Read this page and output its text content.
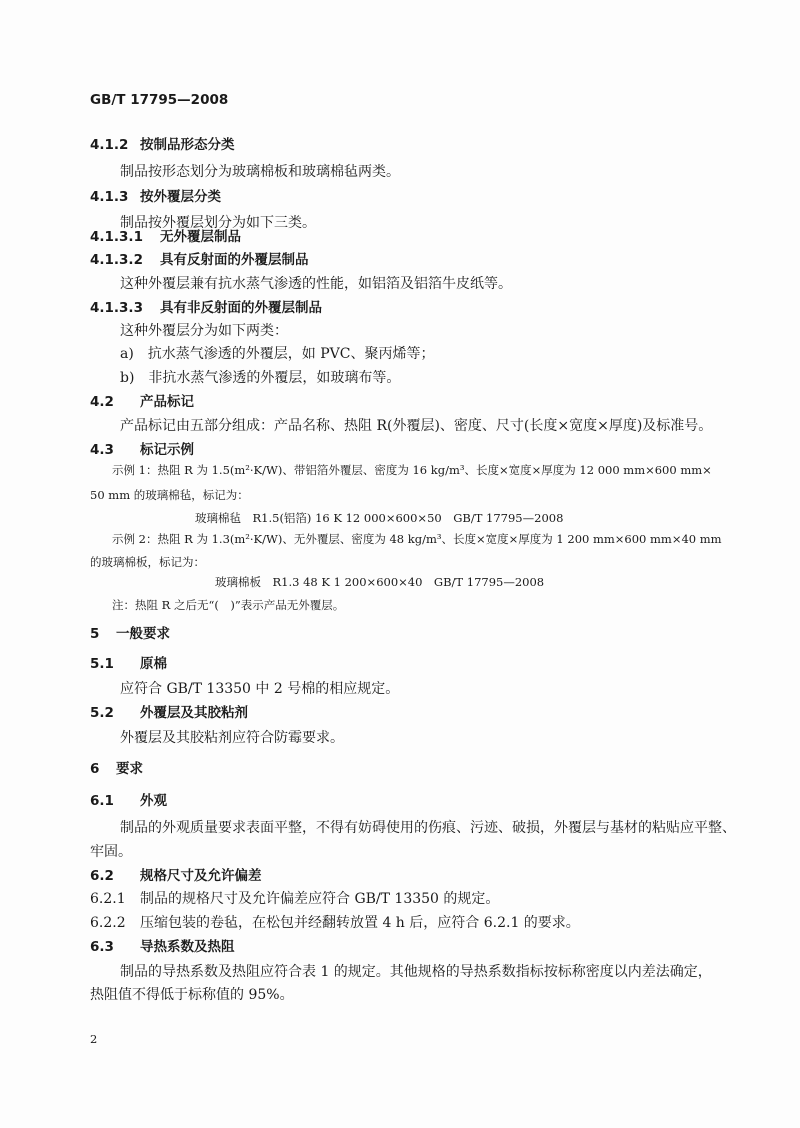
GB/T 17795—2008
4.1.2 按制品形态分类
制品按形态划分为玻璃棉板和玻璃棉毡两类。
4.1.3 按外覆层分类
制品按外覆层划分为如下三类。
4.1.3.1 无外覆层制品
4.1.3.2 具有反射面的外覆层制品
这种外覆层兼有抗水蒸气渗透的性能，如铝箔及铝箔牛皮纸等。
4.1.3.3 具有非反射面的外覆层制品
这种外覆层分为如下两类：
a)　抗水蒸气渗透的外覆层，如 PVC、聚丙烯等；
b)　非抗水蒸气渗透的外覆层，如玻璃布等。
4.2 产品标记
产品标记由五部分组成：产品名称、热阻 R(外覆层)、密度、尺寸(长度×宽度×厚度)及标准号。
4.3 标记示例
示例 1：热阻 R 为 1.5(m²·K/W)、带铝箔外覆层、密度为 16 kg/m³、长度×宽度×厚度为 12 000 mm×600 mm×
50 mm 的玻璃棉毡，标记为：
玻璃棉毡　R1.5(铝箔) 16 K 12 000×600×50　GB/T 17795—2008
示例 2：热阻 R 为 1.3(m²·K/W)、无外覆层、密度为 48 kg/m³、长度×宽度×厚度为 1 200 mm×600 mm×40 mm
的玻璃棉板，标记为：
玻璃棉板　R1.3 48 K 1 200×600×40　GB/T 17795—2008
注：热阻 R 之后无“(　)”表示产品无外覆层。
5 一般要求
5.1 原棉
应符合 GB/T 13350 中 2 号棉的相应规定。
5.2 外覆层及其胶粘剂
外覆层及其胶粘剂应符合防霉要求。
6 要求
6.1 外观
制品的外观质量要求表面平整，不得有妨碍使用的伤痕、污迹、破损，外覆层与基材的粘贴应平整、
牢固。
6.2 规格尺寸及允许偏差
6.2.1 制品的规格尺寸及允许偏差应符合 GB/T 13350 的规定。
6.2.2 压缩包装的卷毡，在松包并经翻转放置 4 h 后，应符合 6.2.1 的要求。
6.3 导热系数及热阻
制品的导热系数及热阻应符合表 1 的规定。其他规格的导热系数指标按标称密度以内差法确定，
热阻值不得低于标称值的 95%。
2
